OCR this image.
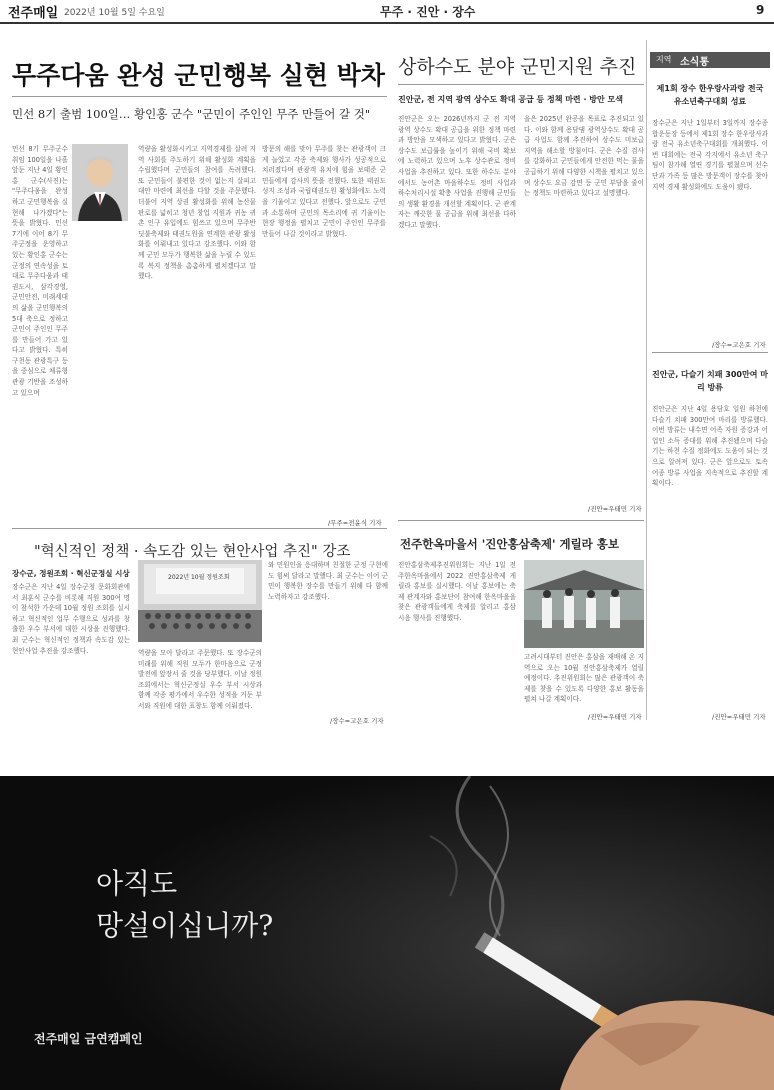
전주매일 2022년 10월 5일 수요일	무주 · 진안 · 장수	9
무주다움 완성 군민행복 실현 박차
민선 8기 출범 100일… 황인홍 군수 "군민이 주인인 무주 만들어 갈 것"
민선 8기 무주군수 취임 100일을 나흘 앞둔 지난 4일 황인홍 군수(사진)는 "무주다움을 완성하고 군민행복을 실현해 나가겠다"는 뜻을 밝혔다. 민선 7기에 이어 8기 무주군정을 운영하고 있는 황인홍 군수는 군정의 연속성을 토대로 무주다움과 태권도시, 삼각경영, 군민안전, 미래세대의 삶을 군민행복의 5대 축으로 정하고 군민이 주인인 무주를 만들어 가고 있다고 밝혔다. 특히 구천동 관광특구 등을 중심으로 체류형 관광 기반을 조성하고 있으며
역량을 활성화시키고 지역경제를 살려 지역 사회를 주도하기 위해 활성화 계획을 수립했다며 군민들의 참여를 독려했다. 또 군민들이 불편한 것이 없는지 살피고 대안 마련에 최선을 다할 것을 주문했다. 더불어 지역 상권 활성화를 위해 농산물 판로를 넓히고 청년 창업 지원과 귀농 귀촌 인구 유입에도 힘쓰고 있으며 무주반딧불축제와 태권도원을 연계한 관광 활성화를 이뤄내고 있다고 강조했다. 이와 함께 군민 모두가 행복한 삶을 누릴 수 있도록 복지 정책을 촘촘하게 펼치겠다고 말했다.
방문의 해를 맞아 무주를 찾는 관광객이 크게 늘었고 각종 축제와 행사가 성공적으로 치러졌다며 관광객 유치에 힘을 보태준 군민들에게 감사의 뜻을 전했다. 또한 태권도 성지 조성과 국립태권도원 활성화에도 노력을 기울이고 있다고 전했다. 앞으로도 군민과 소통하며 군민의 목소리에 귀 기울이는 현장 행정을 펼치고 군민이 주인인 무주를 만들어 나갈 것이라고 밝혔다.
/무주=전윤식 기자
상하수도 분야 군민지원 추진
진안군, 전 지역 광역 상수도 확대 공급 등 정책 마련 · 방안 모색
진안군은 오는 2026년까지 군 전 지역 광역 상수도 확대 공급을 위한 정책 마련과 방안을 모색하고 있다고 밝혔다. 군은 상수도 보급률을 높이기 위해 국비 확보에 노력하고 있으며 노후 상수관로 정비 사업을 추진하고 있다. 또한 하수도 분야에서도 농어촌 마을하수도 정비 사업과 하수처리시설 확충 사업을 진행해 군민들의 생활 환경을 개선할 계획이다. 군 관계자는 깨끗한 물 공급을 위해 최선을 다하겠다고 말했다.
을은 2025년 완공을 목표로 추진되고 있다. 이와 함께 용담댐 광역상수도 확대 공급 사업도 함께 추진하여 상수도 미보급 지역을 해소할 방침이다. 군은 수질 검사를 강화하고 군민들에게 안전한 먹는 물을 공급하기 위해 다양한 시책을 펼치고 있으며 상수도 요금 감면 등 군민 부담을 줄이는 정책도 마련하고 있다고 설명했다.
/진안=우태민 기자
지역 소식통
제1회 장수 한우랑사과랑 전국 유소년축구대회 성료
장수군은 지난 1일부터 3일까지 장수종합운동장 등에서 제1회 장수 한우랑사과랑 전국 유소년축구대회를 개최했다. 이번 대회에는 전국 각지에서 유소년 축구팀이 참가해 열띤 경기를 펼쳤으며 선수단과 가족 등 많은 방문객이 장수를 찾아 지역 경제 활성화에도 도움이 됐다.
/장수=고은호 기자
진안군, 다슬기 치패 300만여 마리 방류
진안군은 지난 4일 용담호 일원 하천에 다슬기 치패 300만여 마리를 방류했다. 이번 방류는 내수면 어족 자원 증강과 어업인 소득 증대를 위해 추진됐으며 다슬기는 하천 수질 정화에도 도움이 되는 것으로 알려져 있다. 군은 앞으로도 토속 어종 방류 사업을 지속적으로 추진할 계획이다.
/진안=우태민 기자
"혁신적인 정책 · 속도감 있는 현안사업 추진" 강조
장수군, 정원조회 · 혁신군정실 시상	2022년 10월 정원조회
장수군은 지난 4일 장수군청 문화회관에서 최훈식 군수를 비롯해 직원 300여 명이 참석한 가운데 10월 정원 조회를 실시하고 혁신적인 업무 수행으로 성과를 창출한 우수 부서에 대한 시상을 진행했다. 최 군수는 혁신적인 정책과 속도감 있는 현안사업 추진을 강조했다.	역량을 모아 달라고 주문했다. 또 장수군의 미래를 위해 직원 모두가 한마음으로 군정 발전에 앞장서 줄 것을 당부했다. 이날 정원조회에서는 혁신군정실 우수 부서 시상과 함께 각종 평가에서 우수한 성적을 거둔 부서와 직원에 대한 표창도 함께 이뤄졌다.
와 민원인을 응대하며 친절한 군정 구현에도 힘써 달라고 말했다. 최 군수는 이어 군민이 행복한 장수를 만들기 위해 다 함께 노력하자고 강조했다.
/장수=고은호 기자
전주한옥마을서 '진안홍삼축제' 게릴라 홍보
진안홍삼축제추진위원회는 지난 1일 전주한옥마을에서 2022 진안홍삼축제 게릴라 홍보를 실시했다. 이날 홍보에는 축제 관계자와 홍보단이 참여해 한옥마을을 찾은 관광객들에게 축제를 알리고 홍삼 시음 행사를 진행했다.
고려시대부터 진안은 홍삼을 재배해 온 지역으로 오는 10월 진안홍삼축제가 열릴 예정이다. 추진위원회는 많은 관광객이 축제를 찾을 수 있도록 다양한 홍보 활동을 펼쳐 나갈 계획이다.
/진안=우태민 기자
아직도
망설이십니까?
전주매일 금연캠페인
